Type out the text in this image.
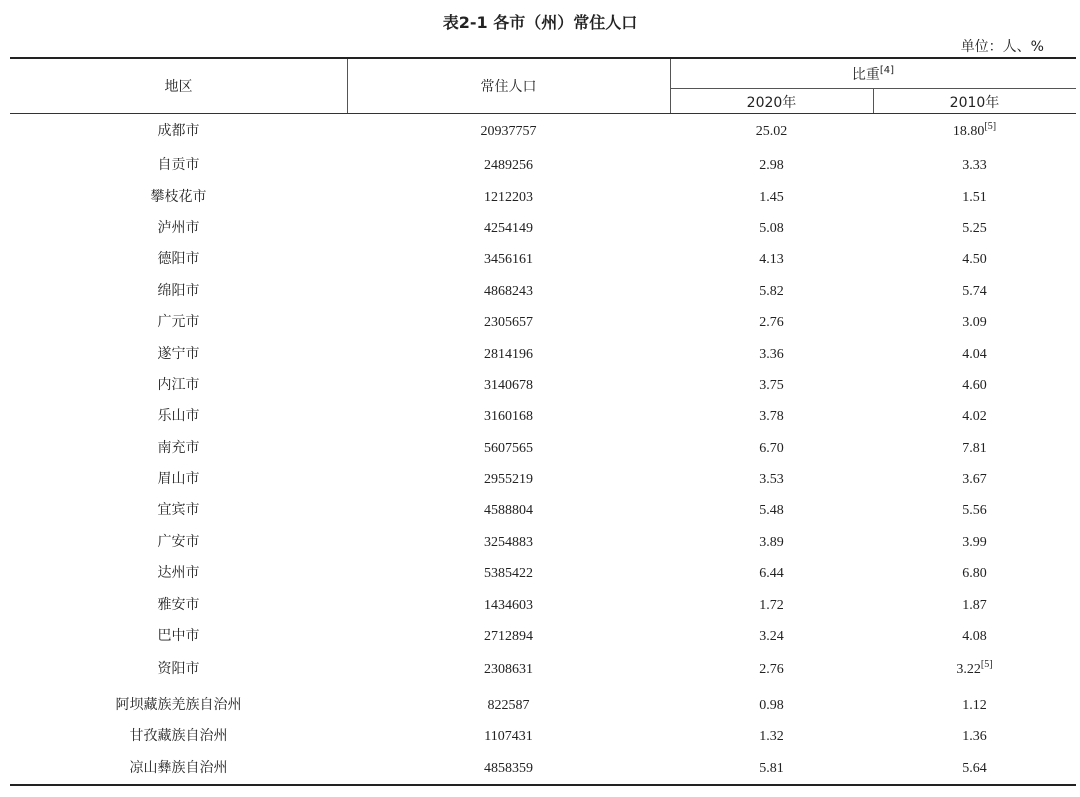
表2-1 各市（州）常住人口
单位：人、%
地区	常住人口
比重[4]
2020年	2010年
成都市	20937757	25.02	18.80[5]
自贡市	2489256	2.98	3.33
攀枝花市	1212203	1.45	1.51
泸州市	4254149	5.08	5.25
德阳市	3456161	4.13	4.50
绵阳市	4868243	5.82	5.74
广元市	2305657	2.76	3.09
遂宁市	2814196	3.36	4.04
内江市	3140678	3.75	4.60
乐山市	3160168	3.78	4.02
南充市	5607565	6.70	7.81
眉山市	2955219	3.53	3.67
宜宾市	4588804	5.48	5.56
广安市	3254883	3.89	3.99
达州市	5385422	6.44	6.80
雅安市	1434603	1.72	1.87
巴中市	2712894	3.24	4.08
资阳市	2308631	2.76	3.22[5]
阿坝藏族羌族自治州	822587	0.98	1.12
甘孜藏族自治州	1107431	1.32	1.36
凉山彝族自治州	4858359	5.81	5.64
